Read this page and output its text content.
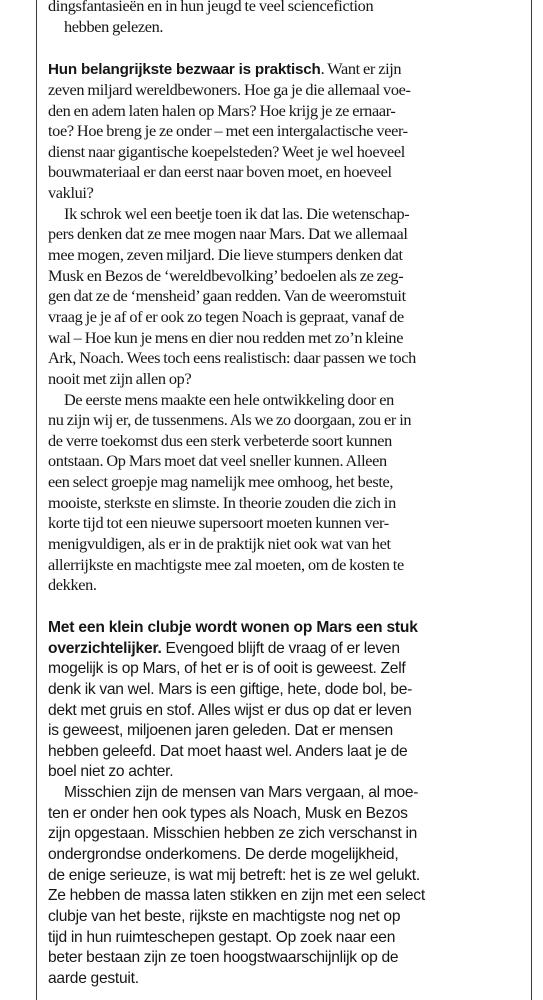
dingsfantasieën en in hun jeugd te veel sciencefiction
hebben gelezen.
Hun belangrijkste bezwaar is praktisch. Want er zijn
zeven miljard wereldbewoners. Hoe ga je die allemaal voe-
den en adem laten halen op Mars? Hoe krijg je ze ernaar-
toe? Hoe breng je ze onder – met een intergalactische veer-
dienst naar gigantische koepelsteden? Weet je wel hoeveel
bouwmateriaal er dan eerst naar boven moet, en hoeveel
vaklui?
Ik schrok wel een beetje toen ik dat las. Die wetenschap-
pers denken dat ze mee mogen naar Mars. Dat we allemaal
mee mogen, zeven miljard. Die lieve stumpers denken dat
Musk en Bezos de ‘wereldbevolking’ bedoelen als ze zeg-
gen dat ze de ‘mensheid’ gaan redden. Van de weeromstuit
vraag je je af of er ook zo tegen Noach is gepraat, vanaf de
wal – Hoe kun je mens en dier nou redden met zo’n kleine
Ark, Noach. Wees toch eens realistisch: daar passen we toch
nooit met zijn allen op?
De eerste mens maakte een hele ontwikkeling door en
nu zijn wij er, de tussenmens. Als we zo doorgaan, zou er in
de verre toekomst dus een sterk verbeterde soort kunnen
ontstaan. Op Mars moet dat veel sneller kunnen. Alleen
een select groepje mag namelijk mee omhoog, het beste,
mooiste, sterkste en slimste. In theorie zouden die zich in
korte tijd tot een nieuwe supersoort moeten kunnen ver-
menigvuldigen, als er in de praktijk niet ook wat van het
allerrijkste en machtigste mee zal moeten, om de kosten te
dekken.
Met een klein clubje wordt wonen op Mars een stuk
overzichtelijker. Evengoed blijft de vraag of er leven
mogelijk is op Mars, of het er is of ooit is geweest. Zelf
denk ik van wel. Mars is een giftige, hete, dode bol, be-
dekt met gruis en stof. Alles wijst er dus op dat er leven
is geweest, miljoenen jaren geleden. Dat er mensen
hebben geleefd. Dat moet haast wel. Anders laat je de
boel niet zo achter.
Misschien zijn de mensen van Mars vergaan, al moe-
ten er onder hen ook types als Noach, Musk en Bezos
zijn opgestaan. Misschien hebben ze zich verschanst in
ondergrondse onderkomens. De derde mogelijkheid,
de enige serieuze, is wat mij betreft: het is ze wel gelukt.
Ze hebben de massa laten stikken en zijn met een select
clubje van het beste, rijkste en machtigste nog net op
tijd in hun ruimteschepen gestapt. Op zoek naar een
beter bestaan zijn ze toen hoogstwaarschijnlijk op de
aarde gestuit.
